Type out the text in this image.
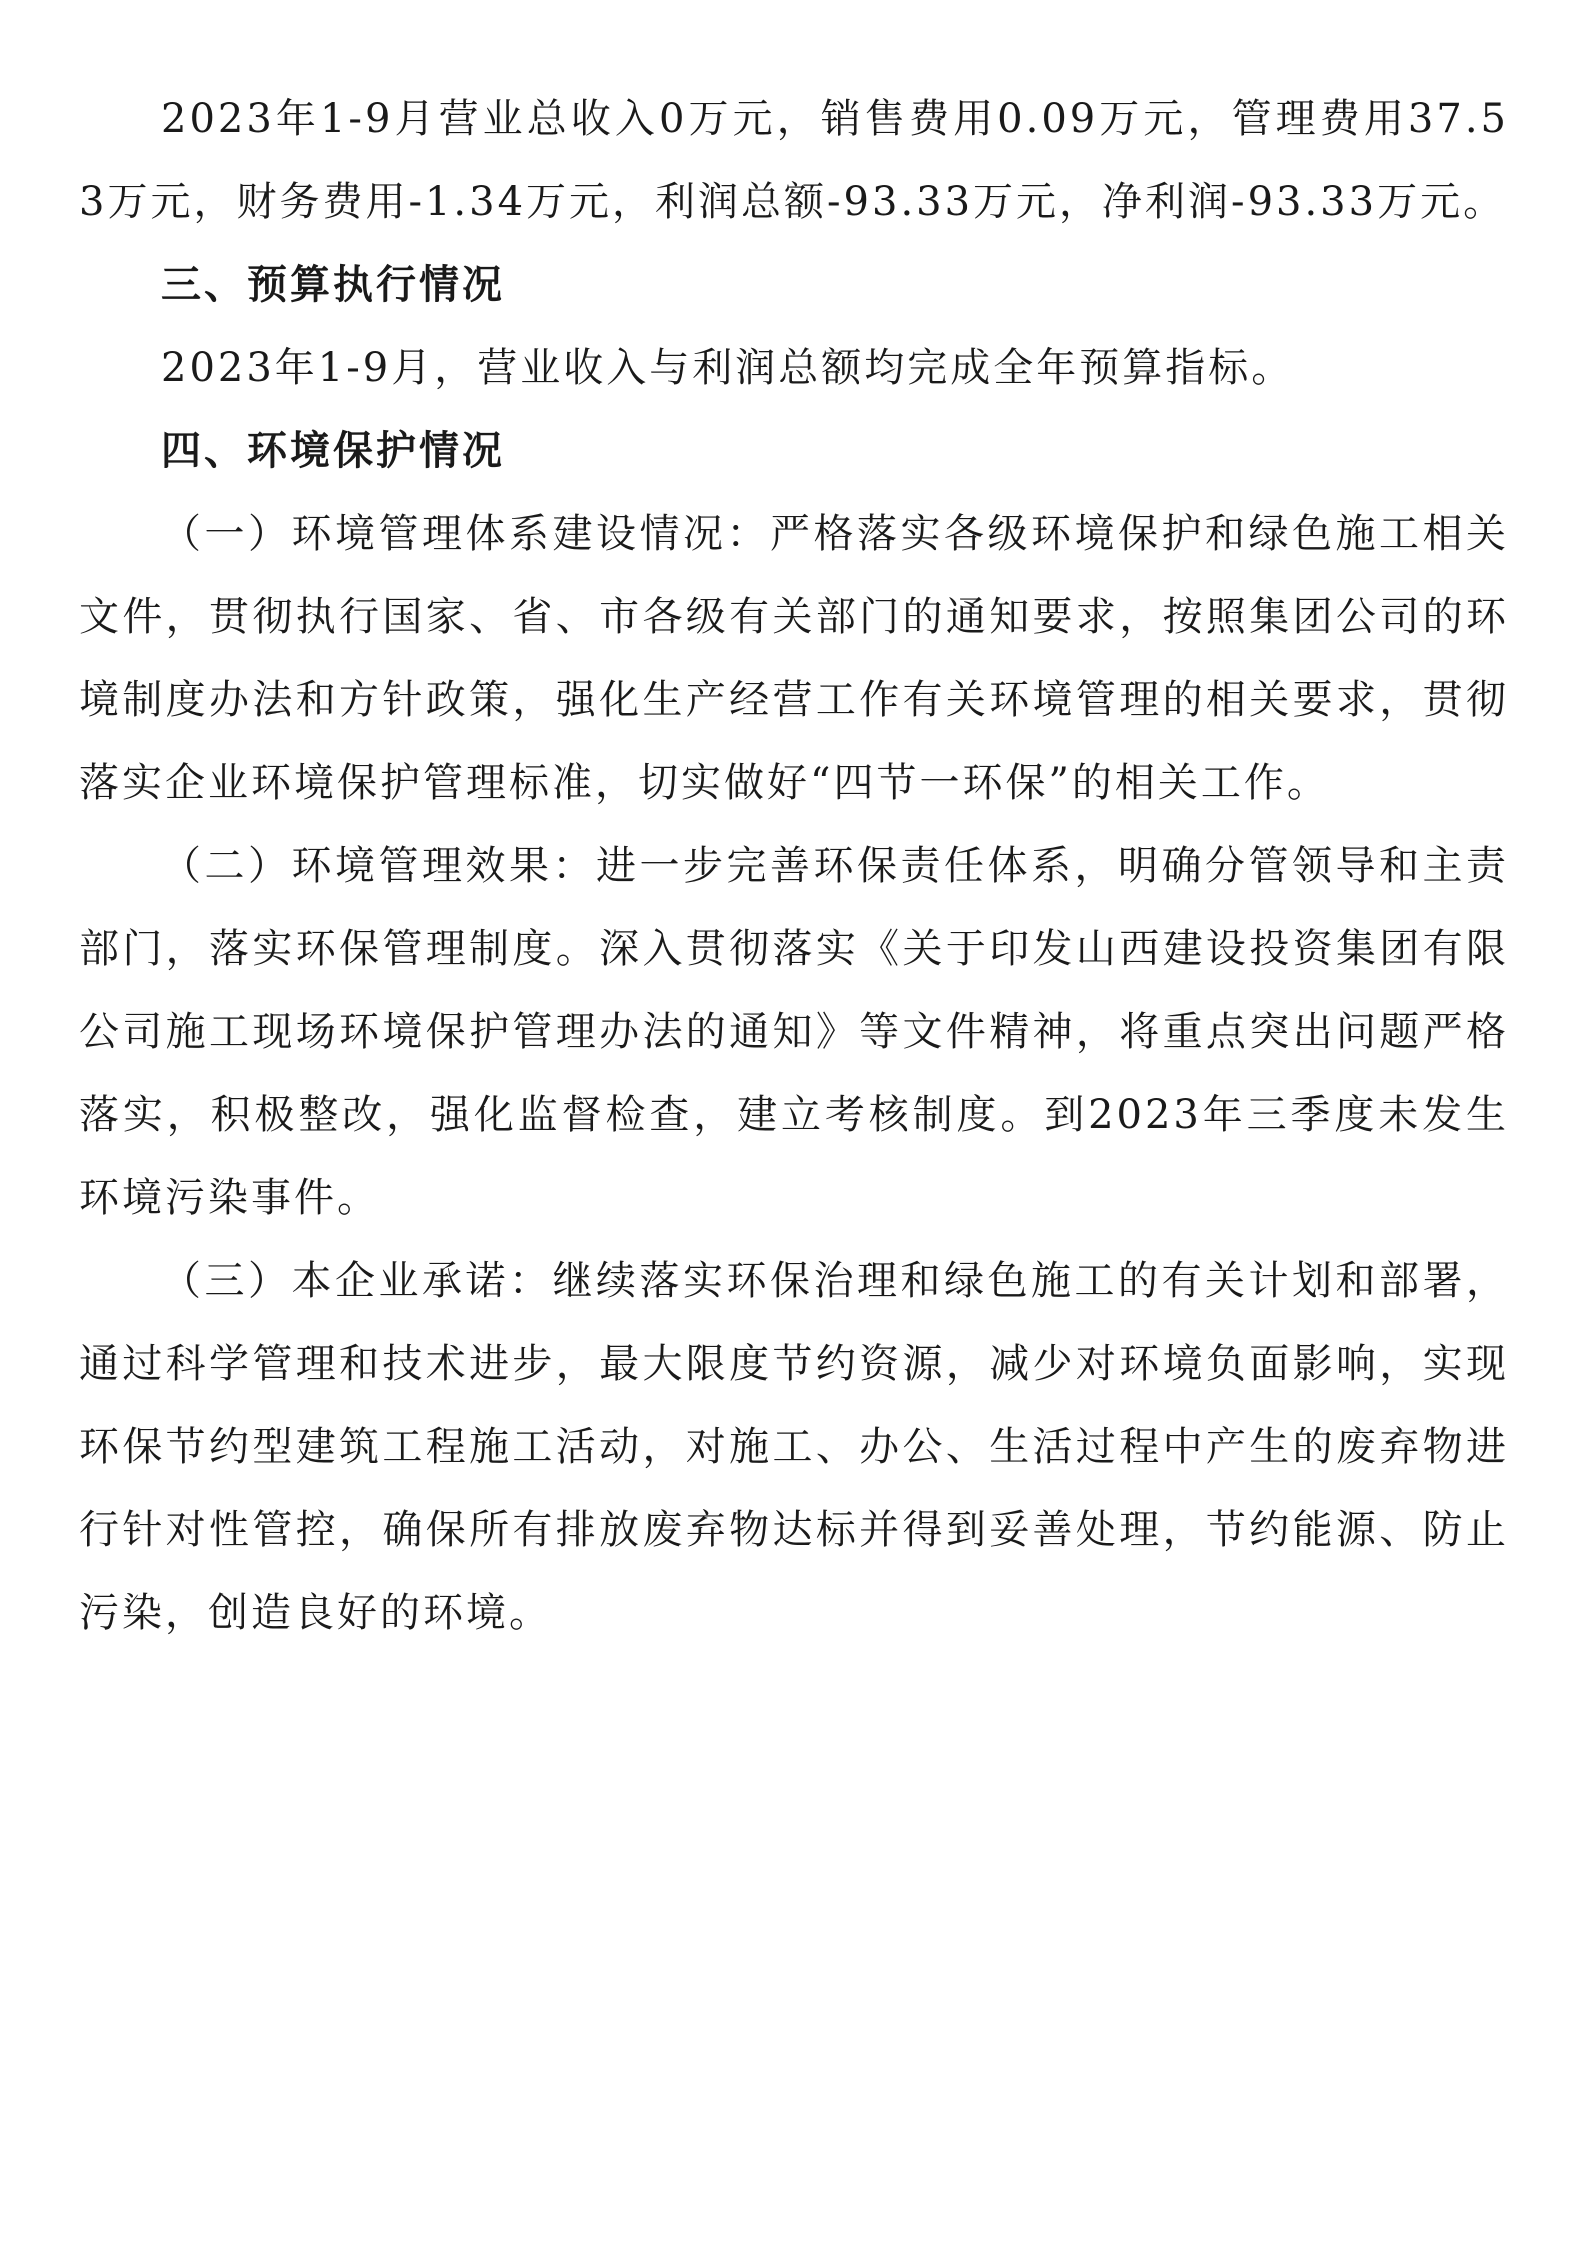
2023年1-9月营业总收入0万元，销售费用0.09万元，管理费用37.53万元，财务费用-1.34万元，利润总额-93.33万元，净利润-93.33万元。

三、预算执行情况

2023年1-9月，营业收入与利润总额均完成全年预算指标。

四、环境保护情况

（一）环境管理体系建设情况：严格落实各级环境保护和绿色施工相关文件，贯彻执行国家、省、市各级有关部门的通知要求，按照集团公司的环境制度办法和方针政策，强化生产经营工作有关环境管理的相关要求，贯彻落实企业环境保护管理标准，切实做好“四节一环保”的相关工作。

（二）环境管理效果：进一步完善环保责任体系，明确分管领导和主责部门，落实环保管理制度。深入贯彻落实《关于印发山西建设投资集团有限公司施工现场环境保护管理办法的通知》等文件精神，将重点突出问题严格落实，积极整改，强化监督检查，建立考核制度。到2023年三季度未发生环境污染事件。

（三）本企业承诺：继续落实环保治理和绿色施工的有关计划和部署，通过科学管理和技术进步，最大限度节约资源，减少对环境负面影响，实现环保节约型建筑工程施工活动，对施工、办公、生活过程中产生的废弃物进行针对性管控，确保所有排放废弃物达标并得到妥善处理，节约能源、防止污染，创造良好的环境。
